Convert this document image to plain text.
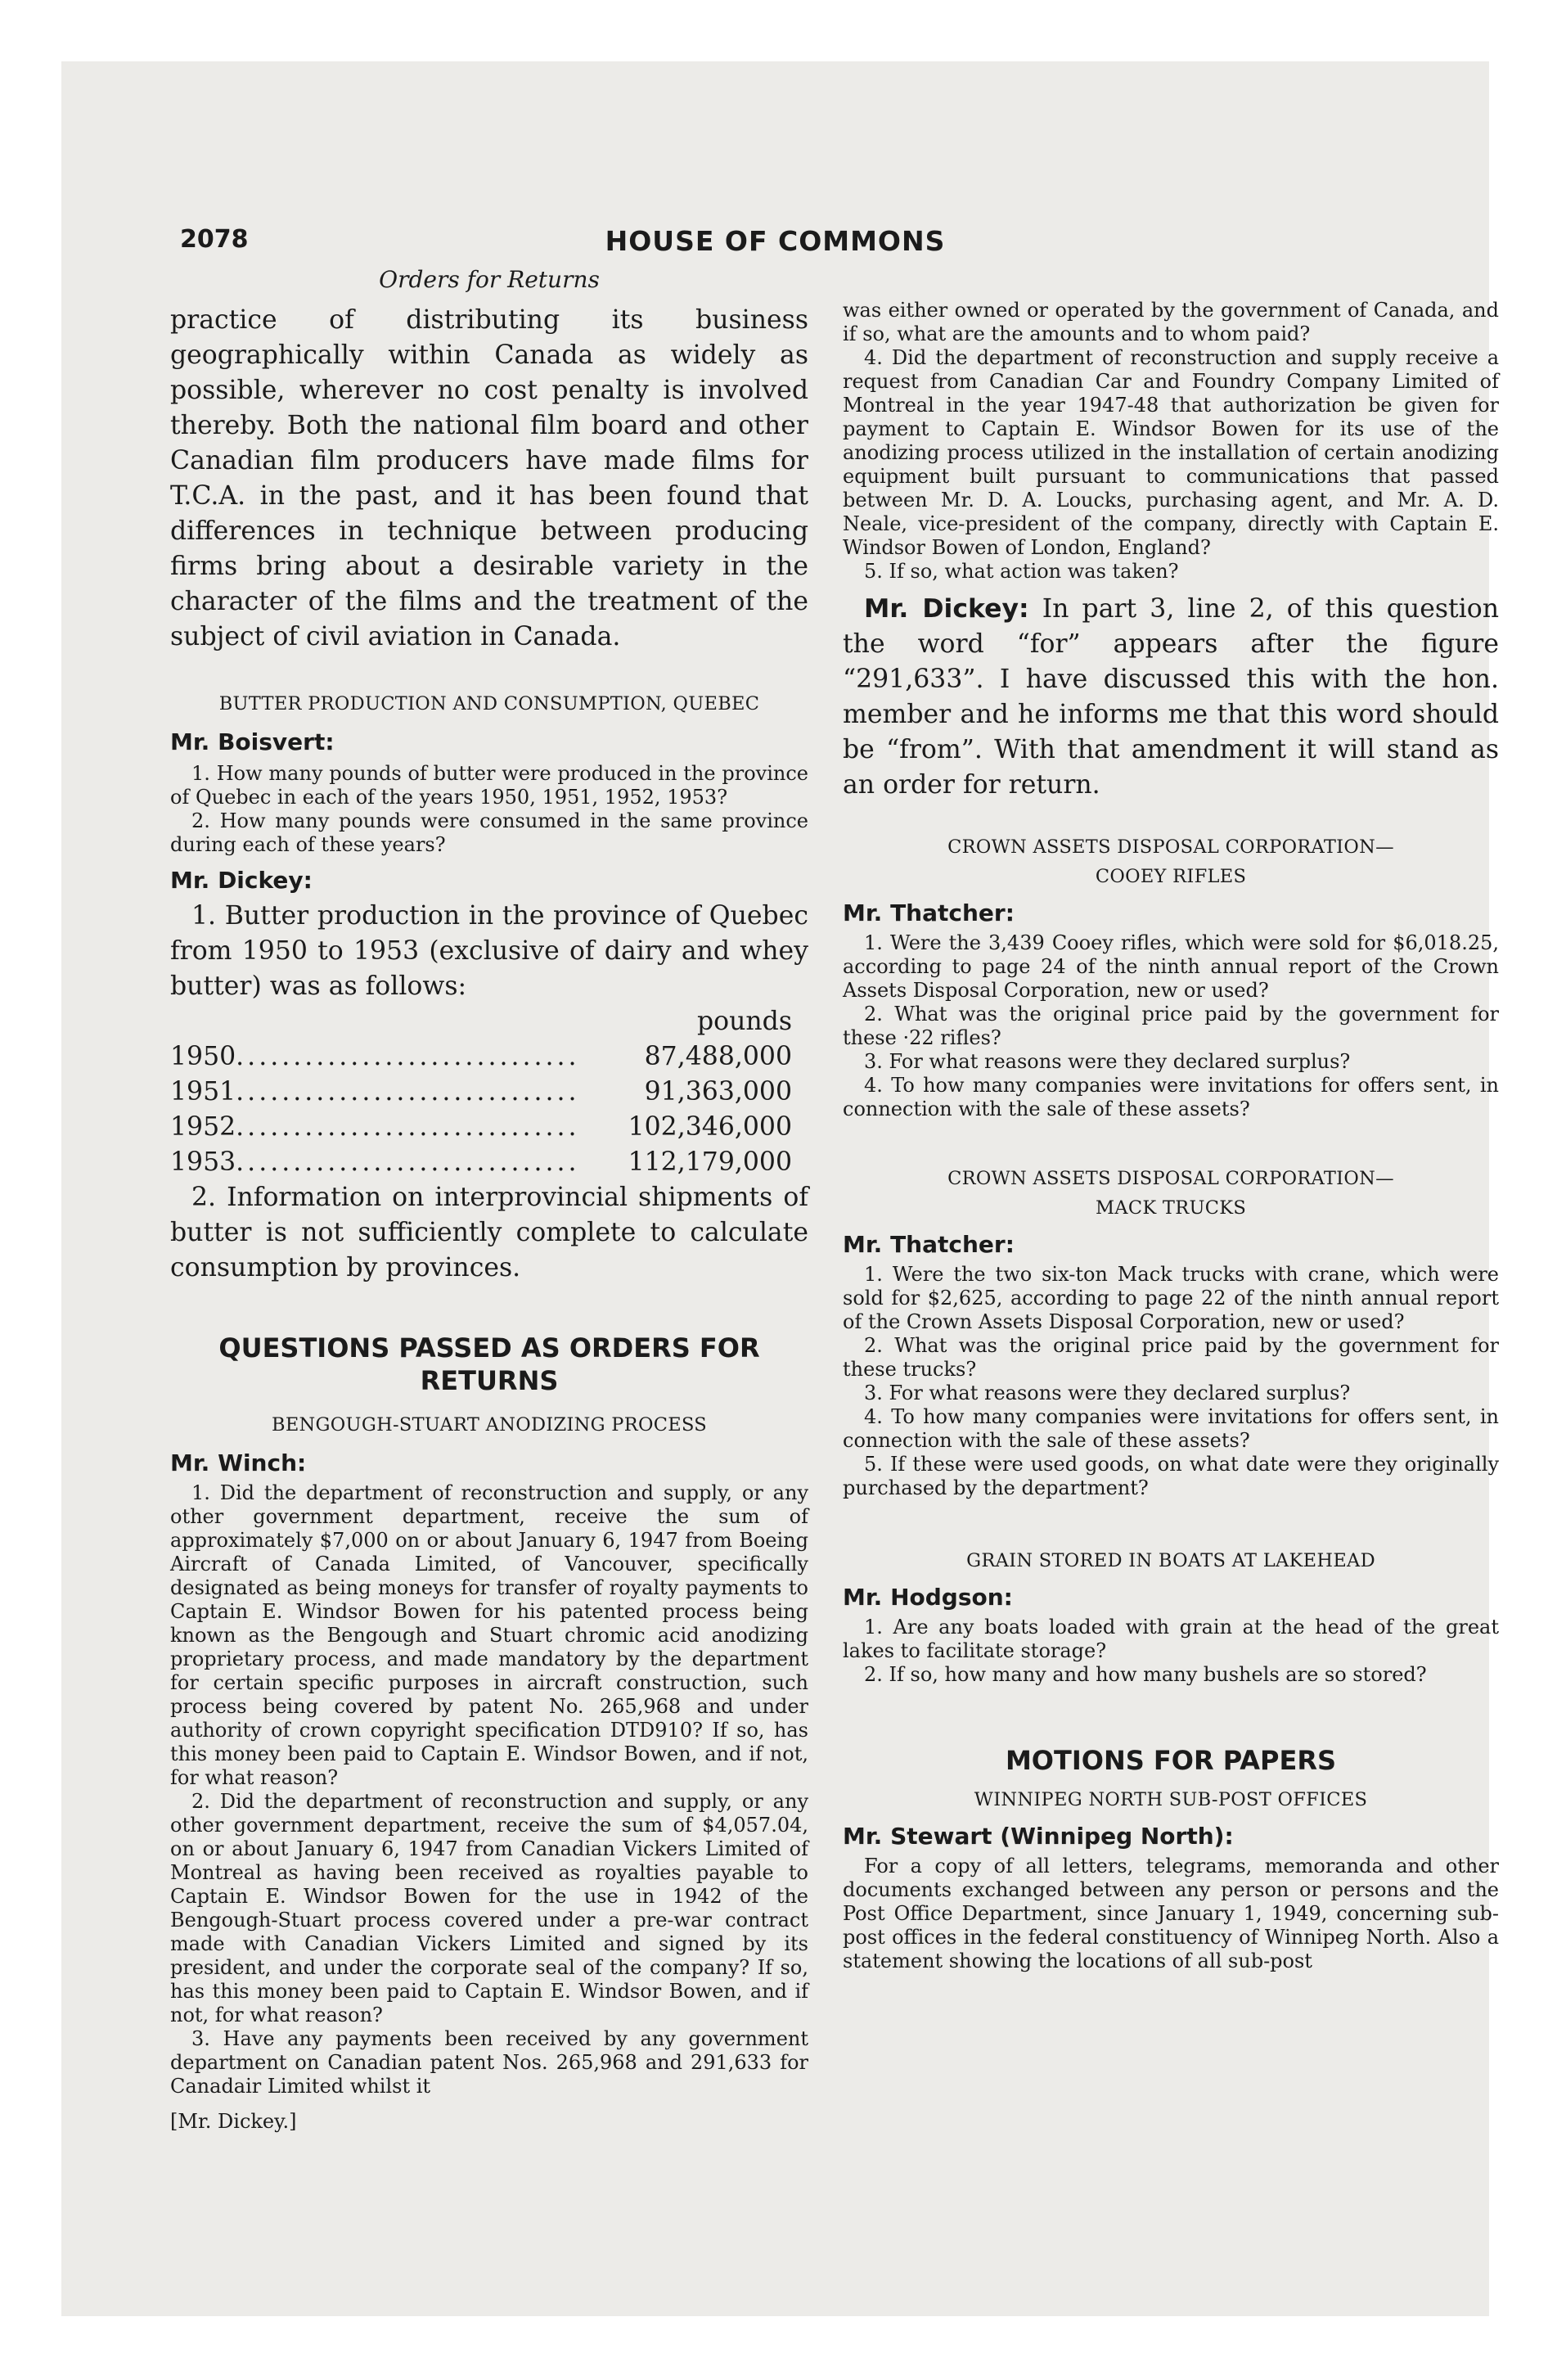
2078	HOUSE OF COMMONS

Orders for Returns

practice of distributing its business geographically within Canada as widely as possible, wherever no cost penalty is involved thereby. Both the national film board and other Canadian film producers have made films for T.C.A. in the past, and it has been found that differences in technique between producing firms bring about a desirable variety in the character of the films and the treatment of the subject of civil aviation in Canada.

BUTTER PRODUCTION AND CONSUMPTION, QUEBEC

Mr. Boisvert:

1. How many pounds of butter were produced in the province of Quebec in each of the years 1950, 1951, 1952, 1953?

2. How many pounds were consumed in the same province during each of these years?

Mr. Dickey:

1. Butter production in the province of Quebec from 1950 to 1953 (exclusive of dairy and whey butter) was as follows:

pounds		
1950	..............................	87,488,000
1951	..............................	91,363,000
1952	..............................	102,346,000
1953	..............................	112,179,000

2. Information on interprovincial shipments of butter is not sufficiently complete to calculate consumption by provinces.

QUESTIONS PASSED AS ORDERS FOR RETURNS

BENGOUGH-STUART ANODIZING PROCESS

Mr. Winch:

1. Did the department of reconstruction and supply, or any other government department, receive the sum of approximately $7,000 on or about January 6, 1947 from Boeing Aircraft of Canada Limited, of Vancouver, specifically designated as being moneys for transfer of royalty payments to Captain E. Windsor Bowen for his patented process being known as the Bengough and Stuart chromic acid anodizing proprietary process, and made mandatory by the department for certain specific purposes in aircraft construction, such process being covered by patent No. 265,968 and under authority of crown copyright specification DTD910? If so, has this money been paid to Captain E. Windsor Bowen, and if not, for what reason?

2. Did the department of reconstruction and supply, or any other government department, receive the sum of $4,057.04, on or about January 6, 1947 from Canadian Vickers Limited of Montreal as having been received as royalties payable to Captain E. Windsor Bowen for the use in 1942 of the Bengough-Stuart process covered under a pre-war contract made with Canadian Vickers Limited and signed by its president, and under the corporate seal of the company? If so, has this money been paid to Captain E. Windsor Bowen, and if not, for what reason?

3. Have any payments been received by any government department on Canadian patent Nos. 265,968 and 291,633 for Canadair Limited whilst it

[Mr. Dickey.]

was either owned or operated by the government of Canada, and if so, what are the amounts and to whom paid?

4. Did the department of reconstruction and supply receive a request from Canadian Car and Foundry Company Limited of Montreal in the year 1947-48 that authorization be given for payment to Captain E. Windsor Bowen for its use of the anodizing process utilized in the installation of certain anodizing equipment built pursuant to communications that passed between Mr. D. A. Loucks, purchasing agent, and Mr. A. D. Neale, vice-president of the company, directly with Captain E. Windsor Bowen of London, England?

5. If so, what action was taken?

Mr. Dickey: In part 3, line 2, of this question the word “for” appears after the figure “291,633”. I have discussed this with the hon. member and he informs me that this word should be “from”. With that amendment it will stand as an order for return.

CROWN ASSETS DISPOSAL CORPORATION—

COOEY RIFLES

Mr. Thatcher:

1. Were the 3,439 Cooey rifles, which were sold for $6,018.25, according to page 24 of the ninth annual report of the Crown Assets Disposal Corporation, new or used?

2. What was the original price paid by the government for these ·22 rifles?

3. For what reasons were they declared surplus?

4. To how many companies were invitations for offers sent, in connection with the sale of these assets?

CROWN ASSETS DISPOSAL CORPORATION—

MACK TRUCKS

Mr. Thatcher:

1. Were the two six-ton Mack trucks with crane, which were sold for $2,625, according to page 22 of the ninth annual report of the Crown Assets Disposal Corporation, new or used?

2. What was the original price paid by the government for these trucks?

3. For what reasons were they declared surplus?

4. To how many companies were invitations for offers sent, in connection with the sale of these assets?

5. If these were used goods, on what date were they originally purchased by the department?

GRAIN STORED IN BOATS AT LAKEHEAD

Mr. Hodgson:

1. Are any boats loaded with grain at the head of the great lakes to facilitate storage?

2. If so, how many and how many bushels are so stored?

MOTIONS FOR PAPERS

WINNIPEG NORTH SUB-POST OFFICES

Mr. Stewart (Winnipeg North):

For a copy of all letters, telegrams, memoranda and other documents exchanged between any person or persons and the Post Office Department, since January 1, 1949, concerning sub-post offices in the federal constituency of Winnipeg North. Also a statement showing the locations of all sub-post
